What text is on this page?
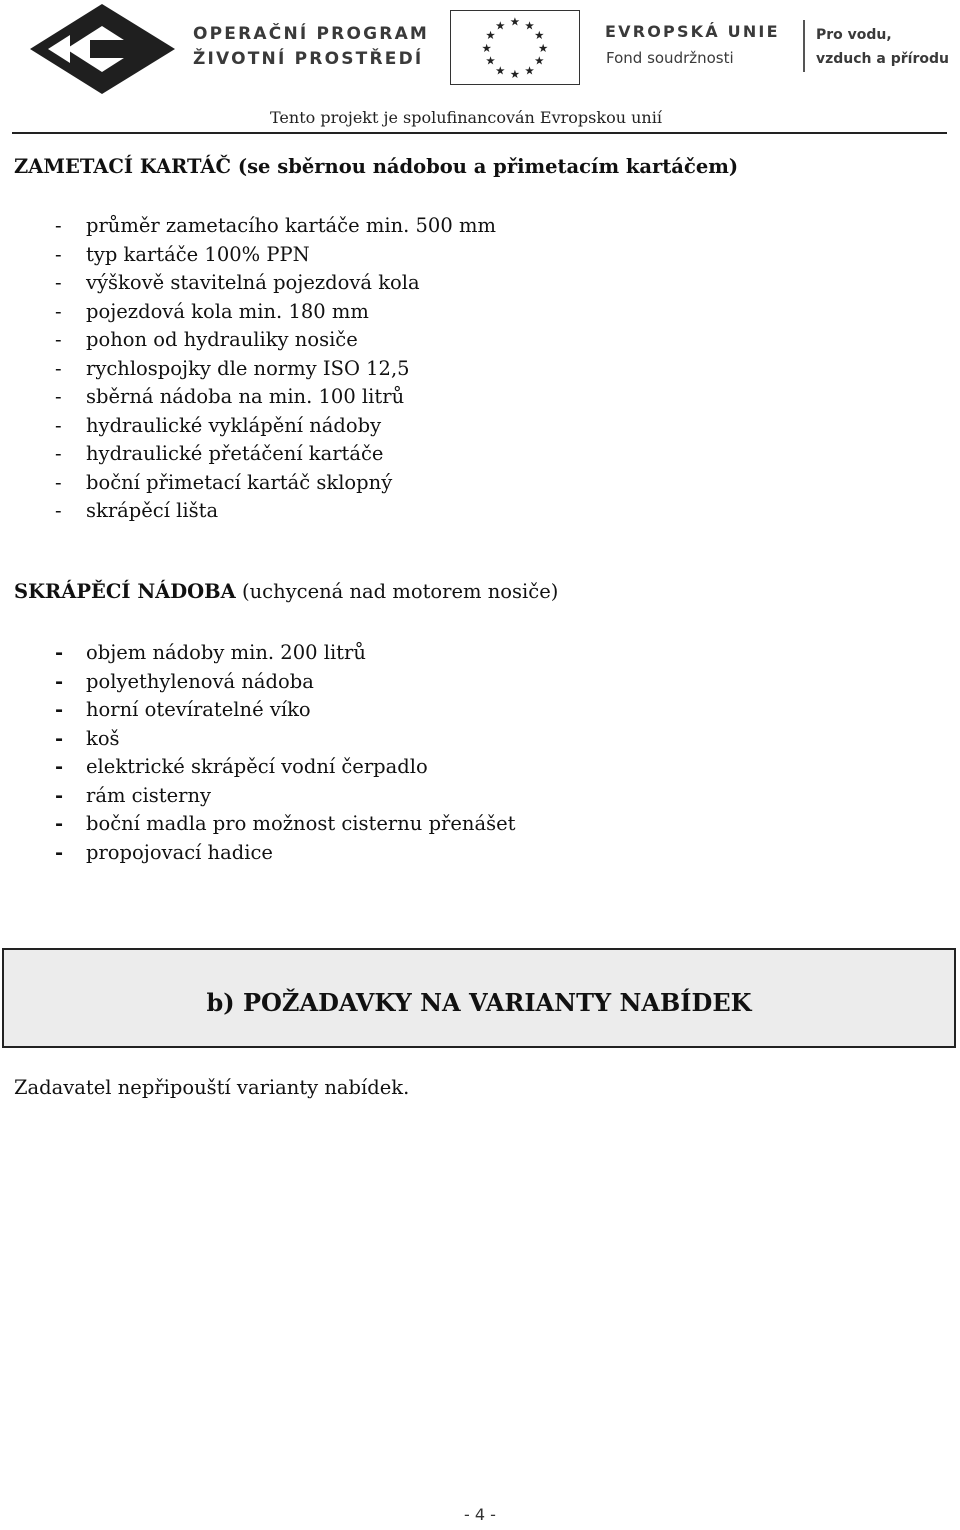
OPERAČNÍ PROGRAM
ŽIVOTNÍ PROSTŘEDÍ
★ ★
★
★
★
★
★
★
★
★
★
★	EVROPSKÁ UNIE
Fond soudržnosti
Pro vodu,
vzduch a přírodu
Tento projekt je spolufinancován Evropskou unií
ZAMETACÍ KARTÁČ (se sběrnou nádobou a přimetacím kartáčem)
- průměr zametacího kartáče min. 500 mm
- typ kartáče 100% PPN
- výškově stavitelná pojezdová kola
- pojezdová kola min. 180 mm
- pohon od hydrauliky nosiče
- rychlospojky dle normy ISO 12,5
- sběrná nádoba na min. 100 litrů
- hydraulické vyklápění nádoby
- hydraulické přetáčení kartáče
- boční přimetací kartáč sklopný
- skrápěcí lišta
SKRÁPĚCÍ NÁDOBA (uchycená nad motorem nosiče)
- objem nádoby min. 200 litrů
- polyethylenová nádoba
- horní otevíratelné víko
- koš
- elektrické skrápěcí vodní čerpadlo
- rám cisterny
- boční madla pro možnost cisternu přenášet
- propojovací hadice
b) POŽADAVKY NA VARIANTY NABÍDEK
Zadavatel nepřipouští varianty nabídek.
- 4 -
